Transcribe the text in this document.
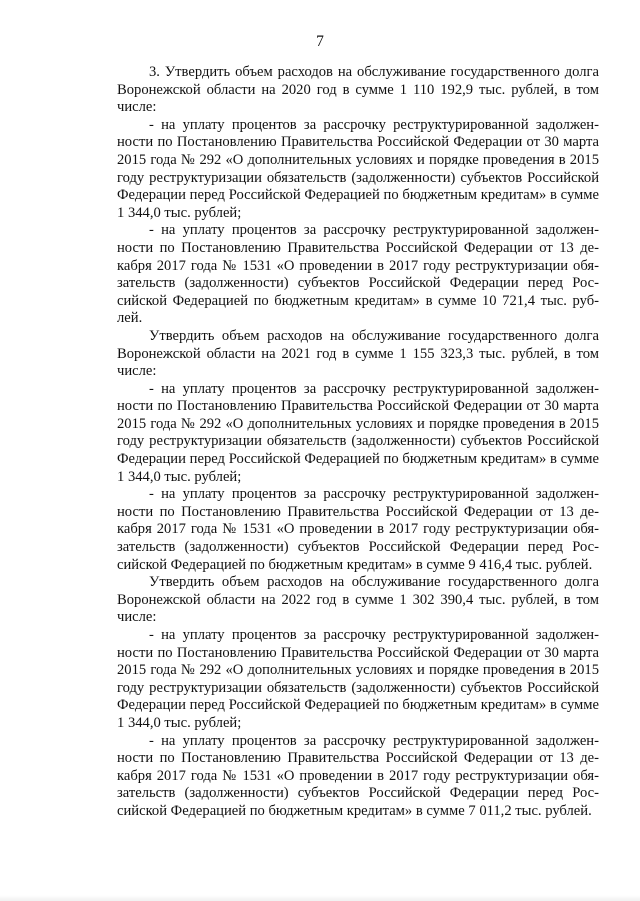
7

3. Утвердить объем расходов на обслуживание государственного долга Воронежской области на 2020 год в сумме 1 110 192,9 тыс. рублей, в том числе:

- на уплату процентов за рассрочку реструктурированной задолженности по Постановлению Правительства Российской Федерации от 30 марта 2015 года № 292 «О дополнительных условиях и порядке проведения в 2015 году реструктуризации обязательств (задолженности) субъектов Российской Федерации перед Российской Федерацией по бюджетным кредитам» в сумме 1 344,0 тыс. рублей;

- на уплату процентов за рассрочку реструктурированной задолженности по Постановлению Правительства Российской Федерации от 13 декабря 2017 года № 1531 «О проведении в 2017 году реструктуризации обязательств (задолженности) субъектов Российской Федерации перед Российской Федерацией по бюджетным кредитам» в сумме 10 721,4 тыс. рублей.

Утвердить объем расходов на обслуживание государственного долга Воронежской области на 2021 год в сумме 1 155 323,3 тыс. рублей, в том числе:

- на уплату процентов за рассрочку реструктурированной задолженности по Постановлению Правительства Российской Федерации от 30 марта 2015 года № 292 «О дополнительных условиях и порядке проведения в 2015 году реструктуризации обязательств (задолженности) субъектов Российской Федерации перед Российской Федерацией по бюджетным кредитам» в сумме 1 344,0 тыс. рублей;

- на уплату процентов за рассрочку реструктурированной задолженности по Постановлению Правительства Российской Федерации от 13 декабря 2017 года № 1531 «О проведении в 2017 году реструктуризации обязательств (задолженности) субъектов Российской Федерации перед Российской Федерацией по бюджетным кредитам» в сумме 9 416,4 тыс. рублей.

Утвердить объем расходов на обслуживание государственного долга Воронежской области на 2022 год в сумме 1 302 390,4 тыс. рублей, в том числе:

- на уплату процентов за рассрочку реструктурированной задолженности по Постановлению Правительства Российской Федерации от 30 марта 2015 года № 292 «О дополнительных условиях и порядке проведения в 2015 году реструктуризации обязательств (задолженности) субъектов Российской Федерации перед Российской Федерацией по бюджетным кредитам» в сумме 1 344,0 тыс. рублей;

- на уплату процентов за рассрочку реструктурированной задолженности по Постановлению Правительства Российской Федерации от 13 декабря 2017 года № 1531 «О проведении в 2017 году реструктуризации обязательств (задолженности) субъектов Российской Федерации перед Российской Федерацией по бюджетным кредитам» в сумме 7 011,2 тыс. рублей.
